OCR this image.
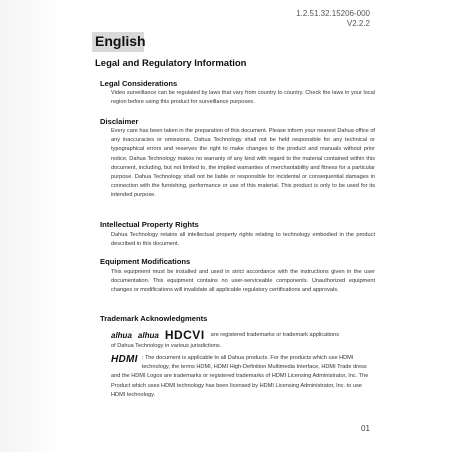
1.2.51.32.15206-000
V2.2.2
English
Legal and Regulatory Information
Legal Considerations
Video surveillance can be regulated by laws that vary from country to country. Check the laws in your local region before using this product for surveillance purposes.
Disclaimer
Every care has been taken in the preparation of this document. Please inform your nearest Dahua office of any inaccuracies or omissions. Dahua Technology shall not be held responsible for any technical or typographical errors and reserves the right to make changes to the product and manuals without prior notice. Dahua Technology makes no warranty of any kind with regard to the material contained within this document, including, but not limited to, the implied warranties of merchantability and fitness for a particular purpose. Dahua Technology shall not be liable or responsible for incidental or consequential damages in connection with the furnishing, performance or use of this material. This product is only to be used for its intended purpose.
Intellectual Property Rights
Dahua Technology retains all intellectual property rights relating to technology embodied in the product described in this document.
Equipment Modifications
This equipment must be installed and used in strict accordance with the instructions given in the user documentation. This equipment contains no user-serviceable components. Unauthorized equipment changes or modifications will invalidate all applicable regulatory certifications and approvals.
Trademark Acknowledgments
alhua alhua HDCVI are registered trademarks or trademark applications
of Dahua Technology in various jurisdictions.
HDMI : The document is applicable to all Dahua products. For the products which use HDMI technology, the terms HDMI, HDMI High-Definition Multimedia Interface, HDMI Trade dress and the HDMI Logos are trademarks or registered trademarks of HDMI Licensing Administrator, Inc. The Product which uses HDMI technology has been licensed by HDMI Licensing Administrator, Inc. to use HDMI technology.
01
